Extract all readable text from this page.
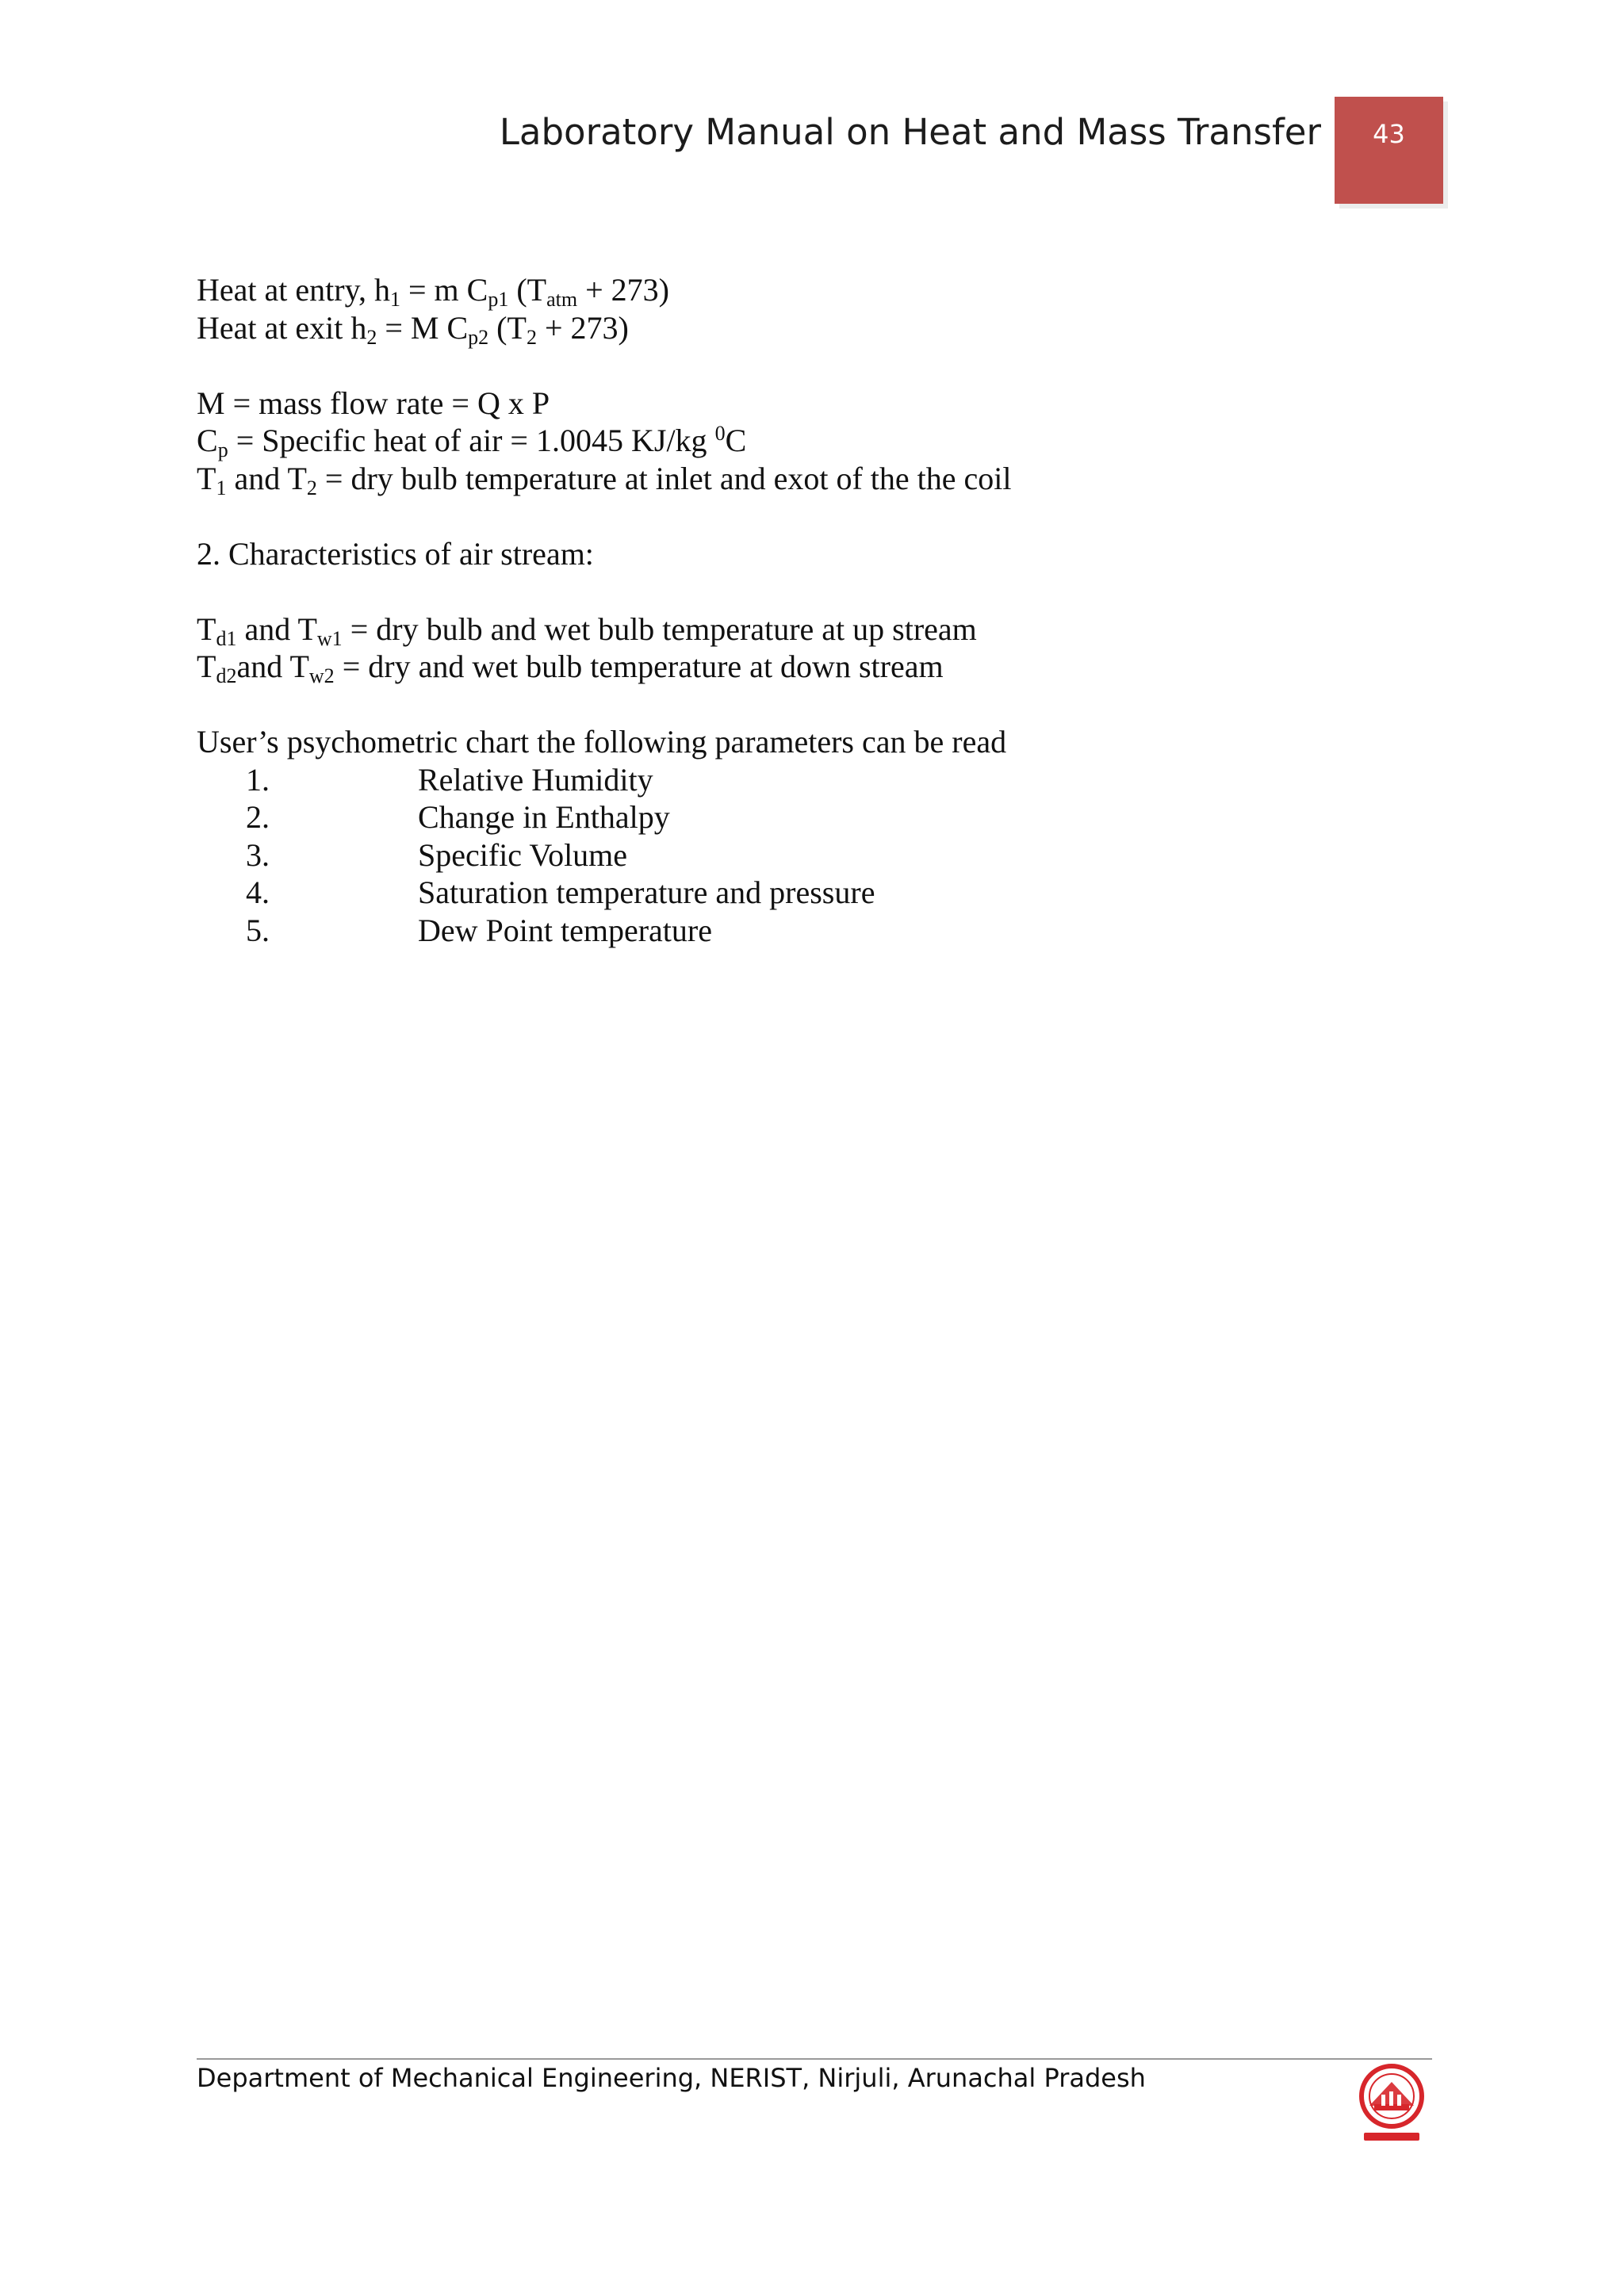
Laboratory Manual on Heat and Mass Transfer	43
Heat at entry, $h_1 = m$ $C_{p1}$ $(T_{atm} + 273)$
Heat at exit $h_2 = M$ $C_{p2}$ $(T_2 + 273)$
M = mass flow rate = Q x P
$C_p$ = Specific heat of air = 1.0045 KJ/kg $^0$C
$T_1$ and $T_2$ = dry bulb temperature at inlet and exot of the the coil
2. Characteristics of air stream:
$T_{d1}$ and $T_{w1}$ = dry bulb and wet bulb temperature at up stream
$T_{d2}and$ $T_{w2}$ = dry and wet bulb temperature at down stream
User’s psychometric chart the following parameters can be read
1.	Relative Humidity
2.	Change in Enthalpy
3.	Specific Volume
4.	Saturation temperature and pressure
5.	Dew Point temperature
Department of Mechanical Engineering, NERIST, Nirjuli, Arunachal Pradesh
